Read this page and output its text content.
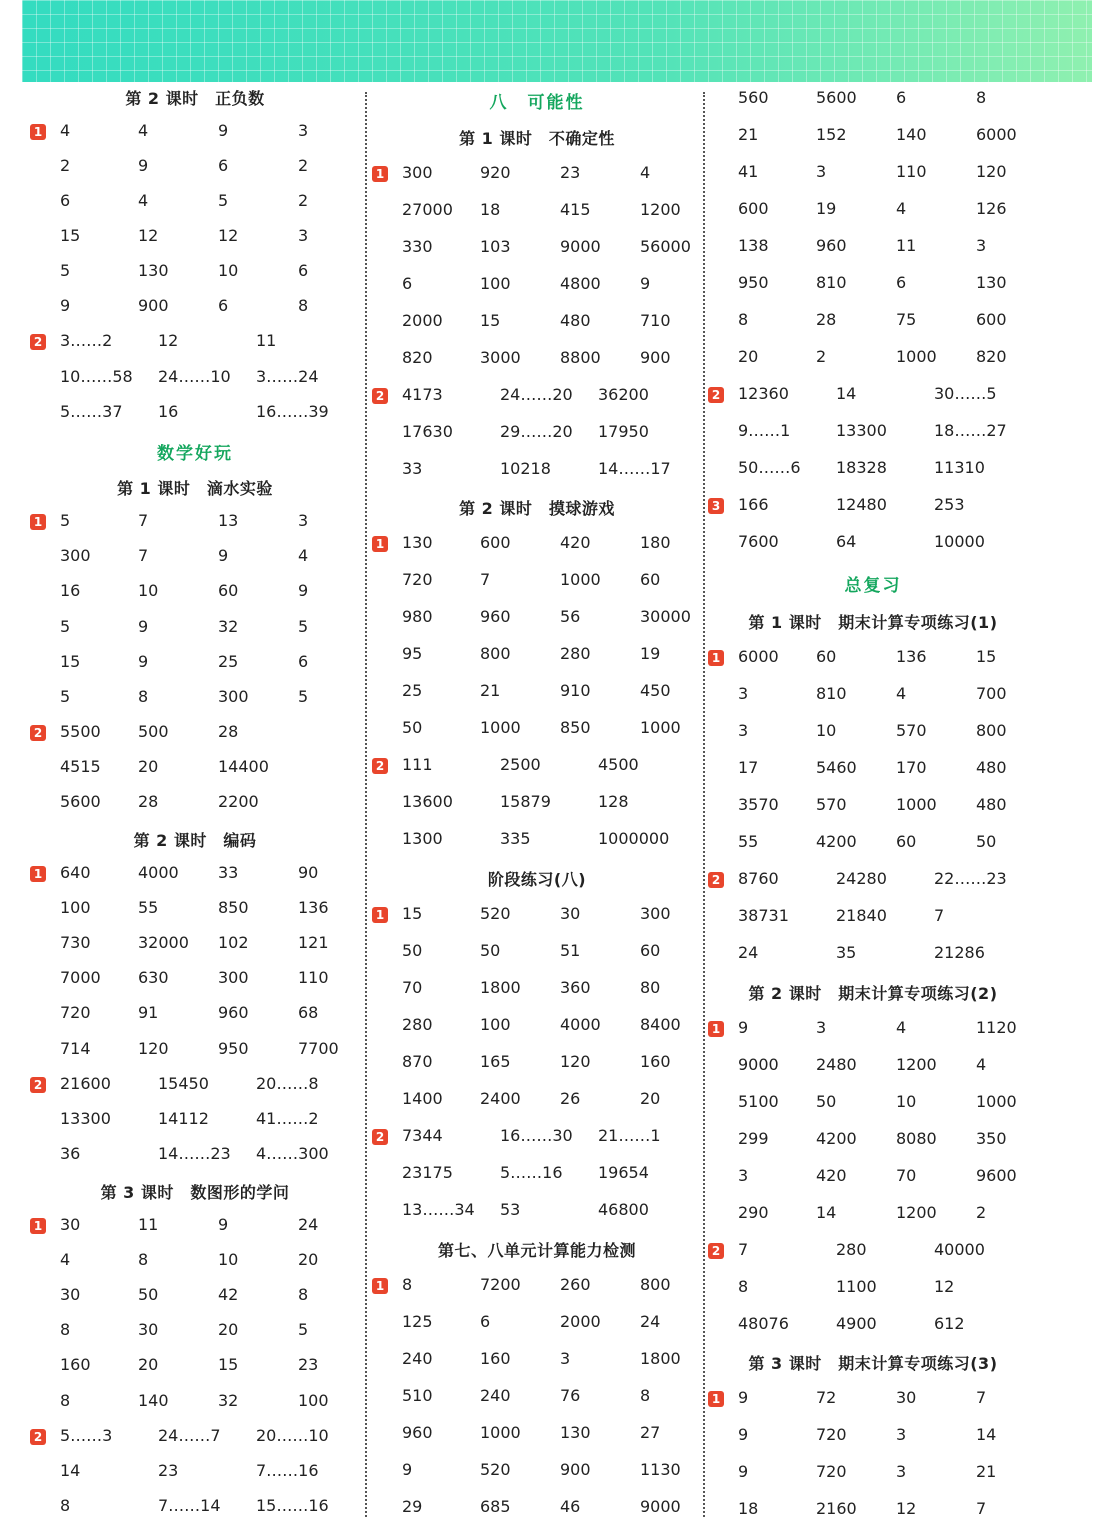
第 2 课时　正负数
1 4	4	9	3
2	9	6	2
6	4	5	2
15	12	12	3
5	130	10	6
9	900	6	8
2 3……2	12	11
10……58 24……10 3……24
5……37 16	16……39
数学好玩
第 1 课时　滴水实验
1 5	7	13	3
300	7	9	4
16	10	60	9
5	9	32	5
15	9	25	6
5	8	300	5
2 5500 500	28
4515 20	14400
5600 28	2200
第 2 课时　编码
1 640	4000 33	90
100	55	850	136
730	32000 102	121
7000 630	300	110
720	91	960	68
714	120	950	7700
2 21600	15450	20……8
13300	14112	41……2
36	14……23 4……300
第 3 课时　数图形的学问
1 30	11	9	24
4	8	10	20
30	50	42	8
8	30	20	5
160	20	15	23
8	140	32	100
2 5……3	24……7 20……10
14	23	7……16
8	7……14 15……16
八　可能性
第 1 课时　不确定性
1 300	920	23	4
27000 18	415	1200
330	103	9000 56000
6	100	4800 9
2000 15	480	710
820	3000 8800 900
2 4173	24……20 36200
17630	29……20 17950
33	10218	14……17
第 2 课时　摸球游戏
1 130	600	420	180
720	7	1000 60
980	960	56	30000
95	800	280	19
25	21	910	450
50	1000 850	1000
2 111	2500	4500
13600	15879	128
1300	335	1000000
阶段练习(八)
1 15	520	30	300
50	50	51	60
70	1800 360	80
280	100	4000 8400
870	165	120	160
1400 2400 26	20
2 7344	16……30 21……1
23175	5……16 19654
13……34 53	46800
第七、八单元计算能力检测
1 8	7200 260	800
125	6	2000 24
240	160	3	1800
510	240	76	8
960	1000 130	27
9	520	900	1130
29	685	46	9000
560	5600 6	8
21	152	140	6000
41	3	110	120
600	19	4	126
138	960	11	3
950	810	6	130
8	28	75	600
20	2	1000 820
2 12360	14	30……5
9……1	13300	18……27
50……6 18328	11310
3 166	12480	253
7600	64	10000
总复习
第 1 课时　期末计算专项练习(1)
1 6000 60	136	15
3	810	4	700
3	10	570	800
17	5460 170	480
3570 570	1000 480
55	4200 60	50
2 8760	24280	22……23
38731	21840	7
24	35	21286
第 2 课时　期末计算专项练习(2)
1 9	3	4	1120
9000 2480 1200 4
5100 50	10	1000
299	4200 8080 350
3	420	70	9600
290	14	1200 2
2 7	280	40000
8	1100	12
48076	4900	612
第 3 课时　期末计算专项练习(3)
1 9	72	30	7
9	720	3	14
9	720	3	21
18	2160 12	7
